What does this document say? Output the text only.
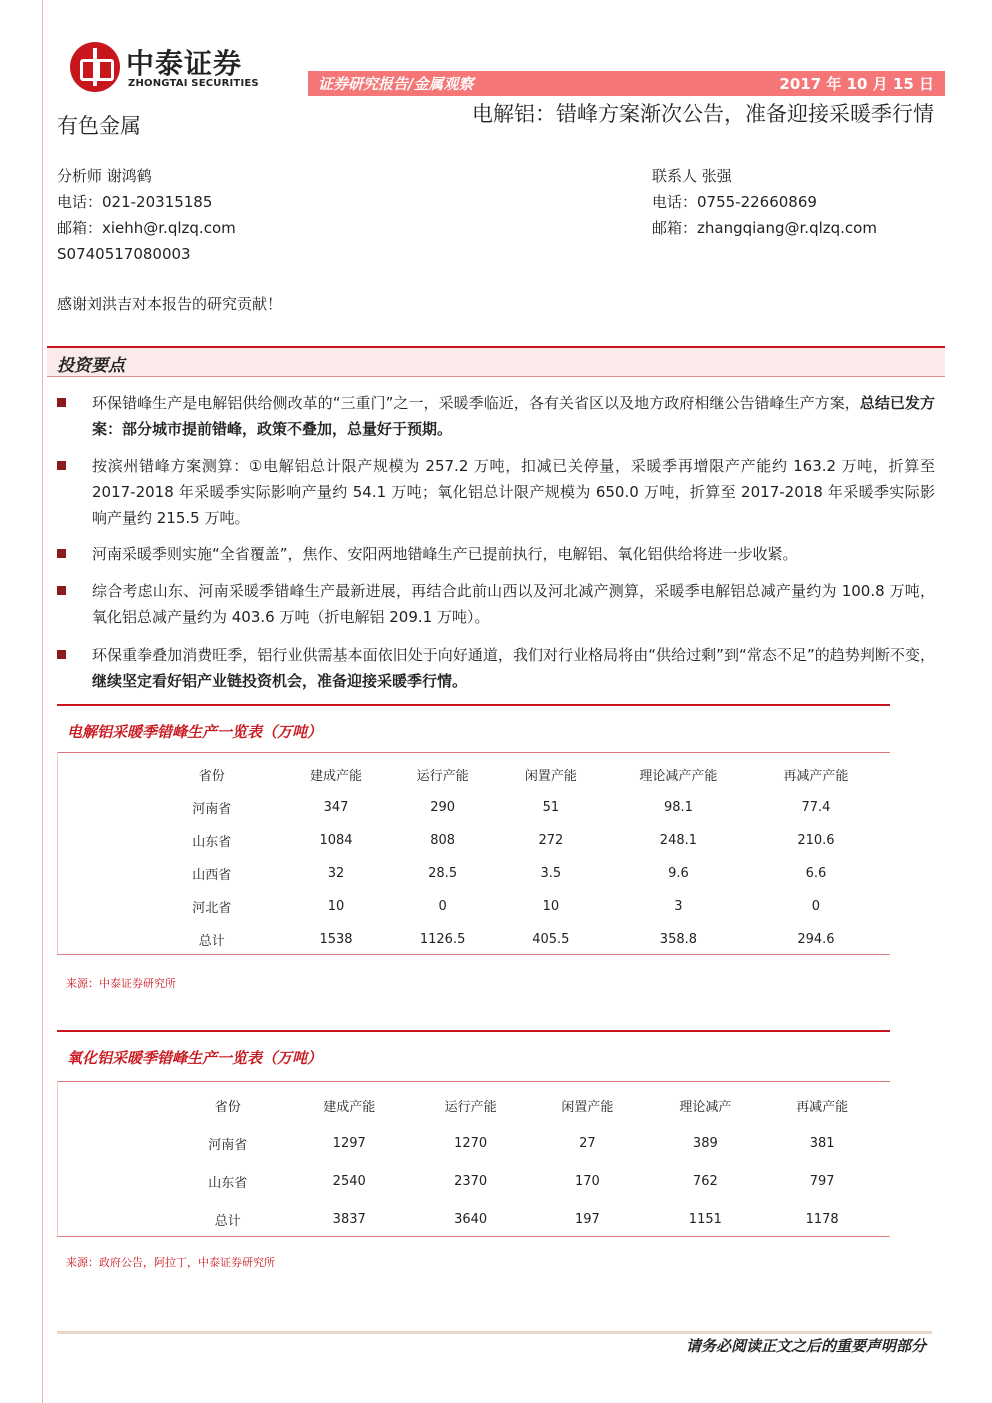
中泰证券
ZHONGTAI SECURITIES	证券研究报告/金属观察	2017 年 10 月 15 日
有色金属	电解铝：错峰方案渐次公告，准备迎接采暖季行情
分析师 谢鸿鹤
电话：021-20315185
邮箱：xiehh@r.qlzq.com
S0740517080003
联系人 张强
电话：0755-22660869
邮箱：zhangqiang@r.qlzq.com
感谢刘洪吉对本报告的研究贡献！
投资要点
环保错峰生产是电解铝供给侧改革的“三重门”之一，采暖季临近，各有关省区以及地方政府相继公告错峰生产方案，总结已发方案：部分城市提前错峰，政策不叠加，总量好于预期。
按滨州错峰方案测算：①电解铝总计限产规模为 257.2 万吨，扣减已关停量，采暖季再增限产产能约 163.2 万吨，折算至 2017-2018 年采暖季实际影响产量约 54.1 万吨；氧化铝总计限产规模为 650.0 万吨，折算至 2017-2018 年采暖季实际影响产量约 215.5 万吨。
河南采暖季则实施“全省覆盖”，焦作、安阳两地错峰生产已提前执行，电解铝、氧化铝供给将进一步收紧。
综合考虑山东、河南采暖季错峰生产最新进展，再结合此前山西以及河北减产测算，采暖季电解铝总减产量约为 100.8 万吨，氧化铝总减产量约为 403.6 万吨（折电解铝 209.1 万吨）。
环保重拳叠加消费旺季，铝行业供需基本面依旧处于向好通道，我们对行业格局将由“供给过剩”到“常态不足”的趋势判断不变，继续坚定看好铝产业链投资机会，准备迎接采暖季行情。
电解铝采暖季错峰生产一览表（万吨）
省份	建成产能	运行产能	闲置产能	理论减产产能	再减产产能
河南省	347	290	51	98.1	77.4
山东省	1084	808	272	248.1	210.6
山西省	32	28.5	3.5	9.6	6.6
河北省	10	0	10	3	0
总计	1538	1126.5	405.5	358.8	294.6
来源：中泰证券研究所
氧化铝采暖季错峰生产一览表（万吨）
省份	建成产能	运行产能	闲置产能	理论减产	再减产能
河南省	1297	1270	27	389	381
山东省	2540	2370	170	762	797
总计	3837	3640	197	1151	1178
来源：政府公告，阿拉丁，中泰证券研究所
请务必阅读正文之后的重要声明部分
